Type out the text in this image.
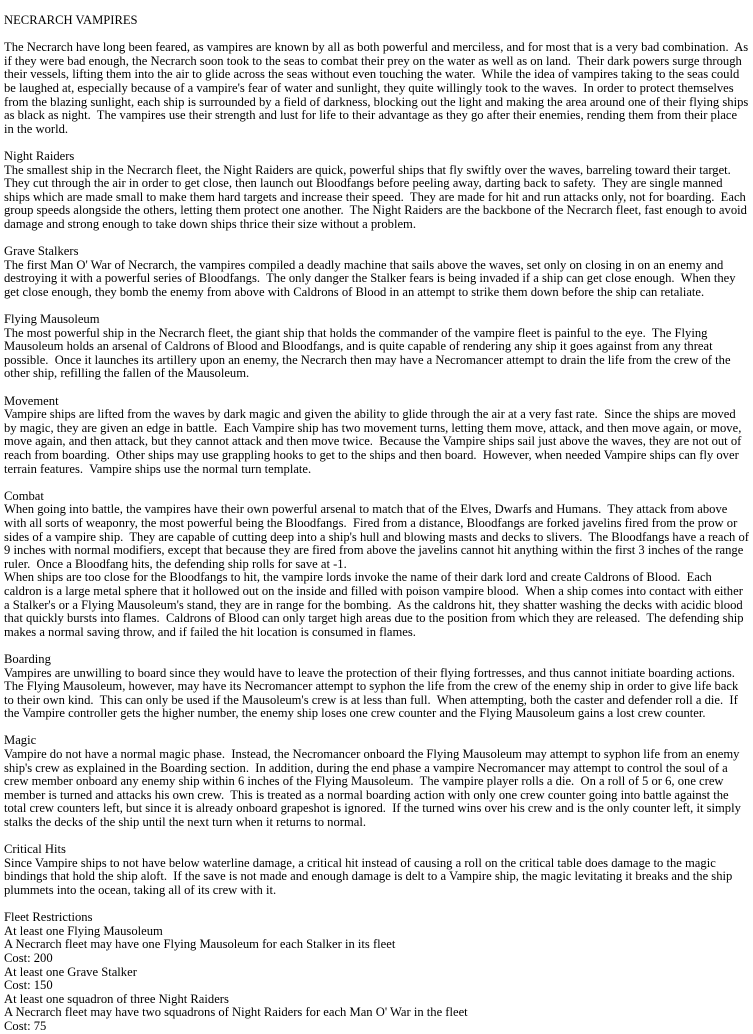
NECRARCH VAMPIRES
The Necrarch have long been feared, as vampires are known by all as both powerful and merciless, and for most that is a very bad combination.  As if they were bad enough, the Necrarch soon took to the seas to combat their prey on the water as well as on land.  Their dark powers surge through their vessels, lifting them into the air to glide across the seas without even touching the water.  While the idea of vampires taking to the seas could be laughed at, especially because of a vampire's fear of water and sunlight, they quite willingly took to the waves.  In order to protect themselves from the blazing sunlight, each ship is surrounded by a field of darkness, blocking out the light and making the area around one of their flying ships as black as night.  The vampires use their strength and lust for life to their advantage as they go after their enemies, rending them from their place in the world.
Night Raiders
The smallest ship in the Necrarch fleet, the Night Raiders are quick, powerful ships that fly swiftly over the waves, barreling toward their target.  They cut through the air in order to get close, then launch out Bloodfangs before peeling away, darting back to safety.  They are single manned ships which are made small to make them hard targets and increase their speed.  They are made for hit and run attacks only, not for boarding.  Each group speeds alongside the others, letting them protect one another.  The Night Raiders are the backbone of the Necrarch fleet, fast enough to avoid damage and strong enough to take down ships thrice their size without a problem.
Grave Stalkers
The first Man O' War of Necrarch, the vampires compiled a deadly machine that sails above the waves, set only on closing in on an enemy and destroying it with a powerful series of Bloodfangs.  The only danger the Stalker fears is being invaded if a ship can get close enough.  When they get close enough, they bomb the enemy from above with Caldrons of Blood in an attempt to strike them down before the ship can retaliate.
Flying Mausoleum
The most powerful ship in the Necrarch fleet, the giant ship that holds the commander of the vampire fleet is painful to the eye.  The Flying Mausoleum holds an arsenal of Caldrons of Blood and Bloodfangs, and is quite capable of rendering any ship it goes against from any threat possible.  Once it launches its artillery upon an enemy, the Necrarch then may have a Necromancer attempt to drain the life from the crew of the other ship, refilling the fallen of the Mausoleum.
Movement
Vampire ships are lifted from the waves by dark magic and given the ability to glide through the air at a very fast rate.  Since the ships are moved by magic, they are given an edge in battle.  Each Vampire ship has two movement turns, letting them move, attack, and then move again, or move, move again, and then attack, but they cannot attack and then move twice.  Because the Vampire ships sail just above the waves, they are not out of reach from boarding.  Other ships may use grappling hooks to get to the ships and then board.  However, when needed Vampire ships can fly over terrain features.  Vampire ships use the normal turn template.
Combat
When going into battle, the vampires have their own powerful arsenal to match that of the Elves, Dwarfs and Humans.  They attack from above with all sorts of weaponry, the most powerful being the Bloodfangs.  Fired from a distance, Bloodfangs are forked javelins fired from the prow or sides of a vampire ship.  They are capable of cutting deep into a ship's hull and blowing masts and decks to slivers.  The Bloodfangs have a reach of 9 inches with normal modifiers, except that because they are fired from above the javelins cannot hit anything within the first 3 inches of the range ruler.  Once a Bloodfang hits, the defending ship rolls for save at -1.
When ships are too close for the Bloodfangs to hit, the vampire lords invoke the name of their dark lord and create Caldrons of Blood.  Each caldron is a large metal sphere that it hollowed out on the inside and filled with poison vampire blood.  When a ship comes into contact with either a Stalker's or a Flying Mausoleum's stand, they are in range for the bombing.  As the caldrons hit, they shatter washing the decks with acidic blood that quickly bursts into flames.  Caldrons of Blood can only target high areas due to the position from which they are released.  The defending ship makes a normal saving throw, and if failed the hit location is consumed in flames.
Boarding
Vampires are unwilling to board since they would have to leave the protection of their flying fortresses, and thus cannot initiate boarding actions.  The Flying Mausoleum, however, may have its Necromancer attempt to syphon the life from the crew of the enemy ship in order to give life back to their own kind.  This can only be used if the Mausoleum's crew is at less than full.  When attempting, both the caster and defender roll a die.  If the Vampire controller gets the higher number, the enemy ship loses one crew counter and the Flying Mausoleum gains a lost crew counter.
Magic
Vampire do not have a normal magic phase.  Instead, the Necromancer onboard the Flying Mausoleum may attempt to syphon life from an enemy ship's crew as explained in the Boarding section.  In addition, during the end phase a vampire Necromancer may attempt to control the soul of a crew member onboard any enemy ship within 6 inches of the Flying Mausoleum.  The vampire player rolls a die.  On a roll of 5 or 6, one crew member is turned and attacks his own crew.  This is treated as a normal boarding action with only one crew counter going into battle against the total crew counters left, but since it is already onboard grapeshot is ignored.  If the turned wins over his crew and is the only counter left, it simply stalks the decks of the ship until the next turn when it returns to normal.
Critical Hits
Since Vampire ships to not have below waterline damage, a critical hit instead of causing a roll on the critical table does damage to the magic bindings that hold the ship aloft.  If the save is not made and enough damage is delt to a Vampire ship, the magic levitating it breaks and the ship plummets into the ocean, taking all of its crew with it.
Fleet Restrictions
At least one Flying Mausoleum
A Necrarch fleet may have one Flying Mausoleum for each Stalker in its fleet
Cost: 200
At least one Grave Stalker
Cost: 150
At least one squadron of three Night Raiders
A Necrarch fleet may have two squadrons of Night Raiders for each Man O' War in the fleet
Cost: 75
